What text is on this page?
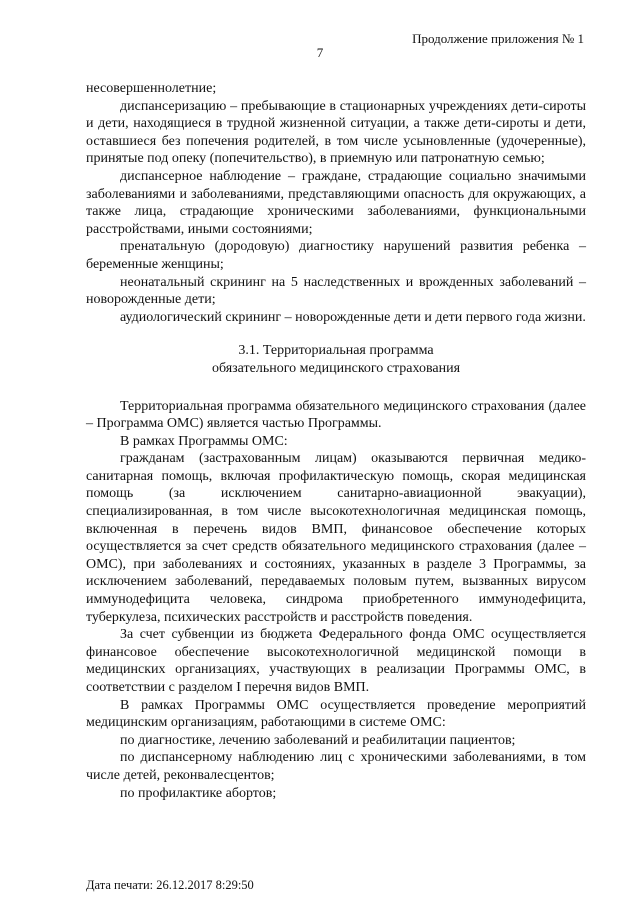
Продолжение приложения № 1
7

несовершеннолетние;

диспансеризацию – пребывающие в стационарных учреждениях дети-сироты и дети, находящиеся в трудной жизненной ситуации, а также дети-сироты и дети, оставшиеся без попечения родителей, в том числе усыновленные (удочеренные), принятые под опеку (попечительство), в приемную или патронатную семью;

диспансерное наблюдение – граждане, страдающие социально значимыми заболеваниями и заболеваниями, представляющими опасность для окружающих, а также лица, страдающие хроническими заболеваниями, функциональными расстройствами, иными состояниями;

пренатальную (дородовую) диагностику нарушений развития ребенка – беременные женщины;

неонатальный скрининг на 5 наследственных и врожденных заболеваний – новорожденные дети;

аудиологический скрининг – новорожденные дети и дети первого года жизни.

3.1. Территориальная программа
обязательного медицинского страхования

Территориальная программа обязательного медицинского страхования (далее – Программа ОМС) является частью Программы.

В рамках Программы ОМС:

гражданам (застрахованным лицам) оказываются первичная медико-санитарная помощь, включая профилактическую помощь, скорая медицинская помощь (за исключением санитарно-авиационной эвакуации), специализированная, в том числе высокотехнологичная медицинская помощь, включенная в перечень видов ВМП, финансовое обеспечение которых осуществляется за счет средств обязательного медицинского страхования (далее – ОМС), при заболеваниях и состояниях, указанных в разделе 3 Программы, за исключением заболеваний, передаваемых половым путем, вызванных вирусом иммунодефицита человека, синдрома приобретенного иммунодефицита, туберкулеза, психических расстройств и расстройств поведения.

За счет субвенции из бюджета Федерального фонда ОМС осуществляется финансовое обеспечение высокотехнологичной медицинской помощи в медицинских организациях, участвующих в реализации Программы ОМС, в соответствии с разделом I перечня видов ВМП.

В рамках Программы ОМС осуществляется проведение мероприятий медицинским организациям, работающими в системе ОМС:

по диагностике, лечению заболеваний и реабилитации пациентов;

по диспансерному наблюдению лиц с хроническими заболеваниями, в том числе детей, реконвалесцентов;

по профилактике абортов;

Дата печати: 26.12.2017 8:29:50
